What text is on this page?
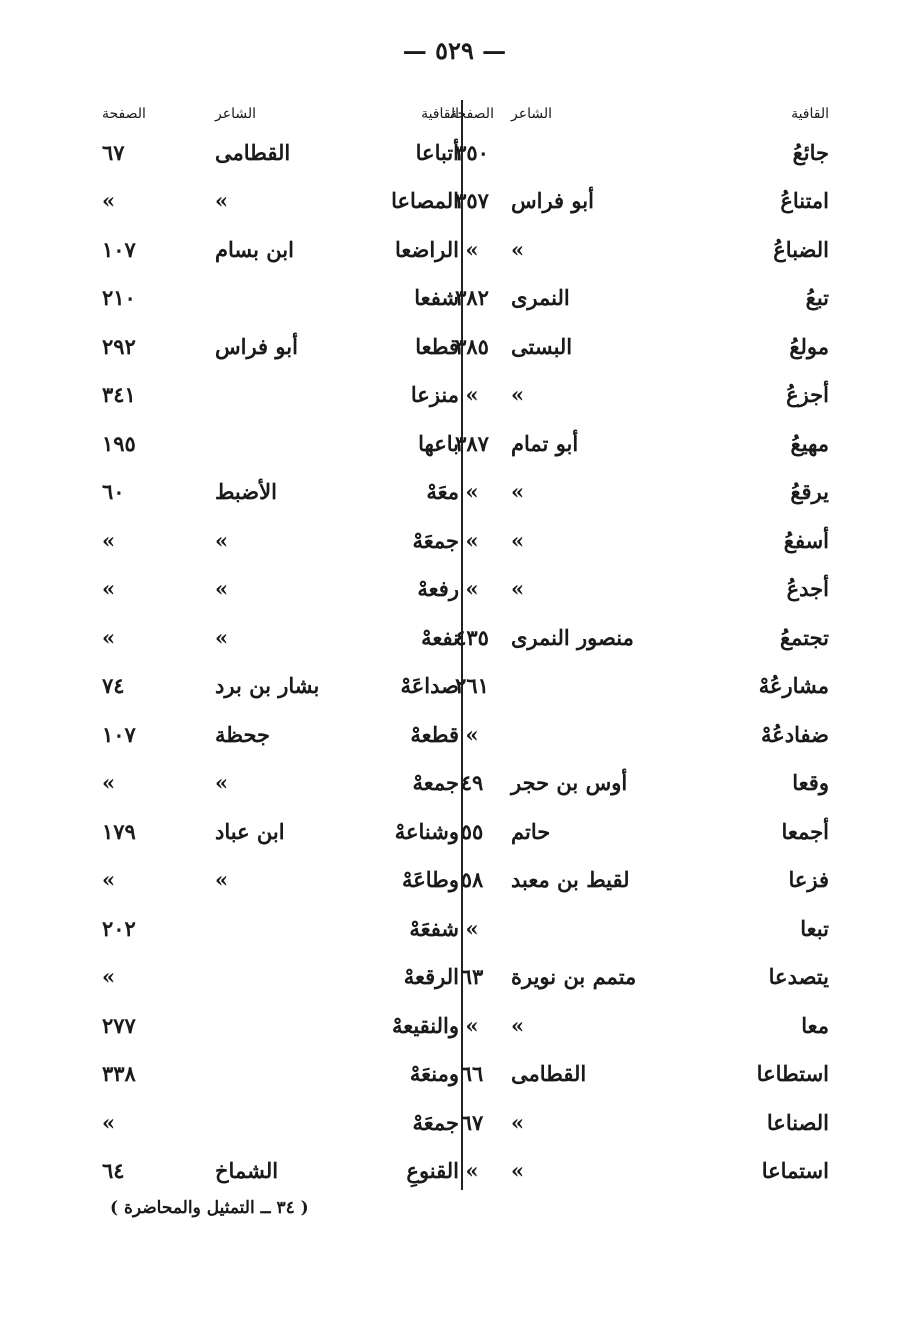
— ٥٢٩ —
القافية
الشاعر
الصفحة
جائعُ
٣٥٠
امتناعُ
أبو فراس
٣٥٧
الضباعُ
»
»
تبعُ
النمرى
٣٨٢
مولعُ
البستى
٣٨٥
أجزعُ
»
»
مهيعُ
أبو تمام
٣٨٧
يرقعُ
»
»
أسفعُ
»
»
أجدعُ
»
»
تجتمعُ
منصور النمرى
٤٣٥
مشارعُهْ
٢٦١
ضفادعُهْ
»
وقعا
أوس بن حجر
٤٩
أجمعا
حاتم
٥٥
فزعا
لقيط بن معبد
٥٨
تبعا
»
يتصدعا
متمم بن نويرة
٦٣
معا
»
»
استطاعا
القطامى
٦٦
الصناعا
»
٦٧
استماعا
»
»
القافية
الشاعر
الصفحة
أتباعا
القطامى
٦٧
المصاعا
»
»
الراضعا
ابن بسام
١٠٧
شفعا
٢١٠
قطعا
أبو فراس
٢٩٢
منزعا
٣٤١
باعها
١٩٥
معَهْ
الأضبط
٦٠
جمعَهْ
»
»
رفعهْ
»
»
نفعهْ
»
»
صداعَهْ
بشار بن برد
٧٤
قطعهْ
جحظة
١٠٧
جمعهْ
»
»
وشناعهْ
ابن عباد
١٧٩
وطاعَهْ
»
»
شفعَهْ
٢٠٢
الرقعهْ
»
والنقيعهْ
٢٧٧
ومنعَهْ
٣٣٨
جمعَهْ
»
القنوعِ
الشماخ
٦٤
( ٣٤ ــ التمثيل والمحاضرة )
